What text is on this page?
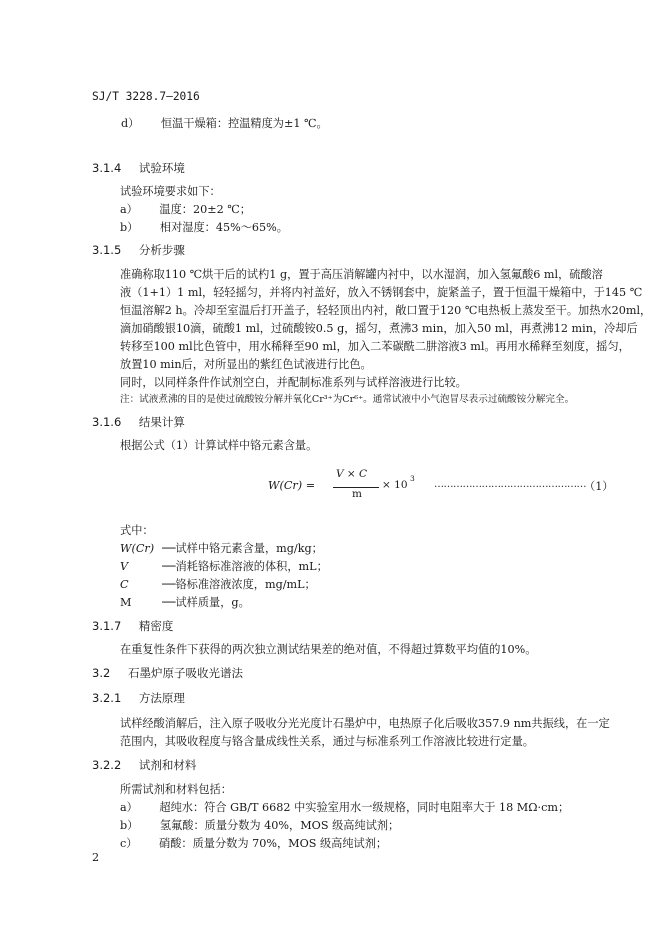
SJ/T 3228.7—2016
d） 恒温干燥箱：控温精度为±1 ℃。
3.1.4 试验环境
试验环境要求如下：
a） 温度：20±2 ℃；
b） 相对湿度：45%～65%。
3.1.5 分析步骤
准确称取110 ℃烘干后的试杓1 g，置于高压消解罐内衬中，以水湿润，加入氢氟酸6 ml，硫酸溶
液（1+1）1 ml，轻轻摇匀，并将内衬盖好，放入不锈钢套中，旋紧盖子，置于恒温干燥箱中，于145 ℃
恒温溶解2 h。冷却至室温后打开盖子，轻轻顶出内衬，敞口置于120 ℃电热板上蒸发至干。加热水20ml，
滴加硝酸银10滴，硫酸1 ml，过硫酸铵0.5 g，摇匀，煮沸3 min，加入50 ml，再煮沸12 min，冷却后
转移至100 ml比色管中，用水稀释至90 ml，加入二苯碳酰二肼溶液3 ml。再用水稀释至刻度，摇匀，
放置10 min后，对所显出的紫红色试液进行比色。
同时，以同样条件作试剂空白，并配制标准系列与试样溶液进行比较。
注：试液煮沸的目的是使过硫酸铵分解并氧化Cr³⁺为Cr⁶⁺。通常试液中小气泡冒尽表示过硫酸铵分解完全。
3.1.6 结果计算
根据公式（1）计算试样中铬元素含量。
W(Cr) =
V × C
m
× 10
3
…………………………………………
（1）
式中：
W(Cr) ──试样中铬元素含量，mg/kg；
V	──消耗铬标准溶液的体积，mL；
C	──铬标准溶液浓度，mg/mL；
M	──试样质量，g。
3.1.7 精密度
在重复性条件下获得的两次独立测试结果差的绝对值，不得超过算数平均值的10%。
3.2 石墨炉原子吸收光谱法
3.2.1 方法原理
试样经酸消解后，注入原子吸收分光光度计石墨炉中，电热原子化后吸收357.9 nm共振线，在一定
范围内，其吸收程度与铬含量成线性关系，通过与标准系列工作溶液比较进行定量。
3.2.2 试剂和材料
所需试剂和材料包括：
a） 超纯水：符合 GB/T 6682 中实验室用水一级规格，同时电阻率大于 18 MΩ·cm；
b） 氢氟酸：质量分数为 40%，MOS 级高纯试剂；
c） 硝酸：质量分数为 70%，MOS 级高纯试剂；
2
